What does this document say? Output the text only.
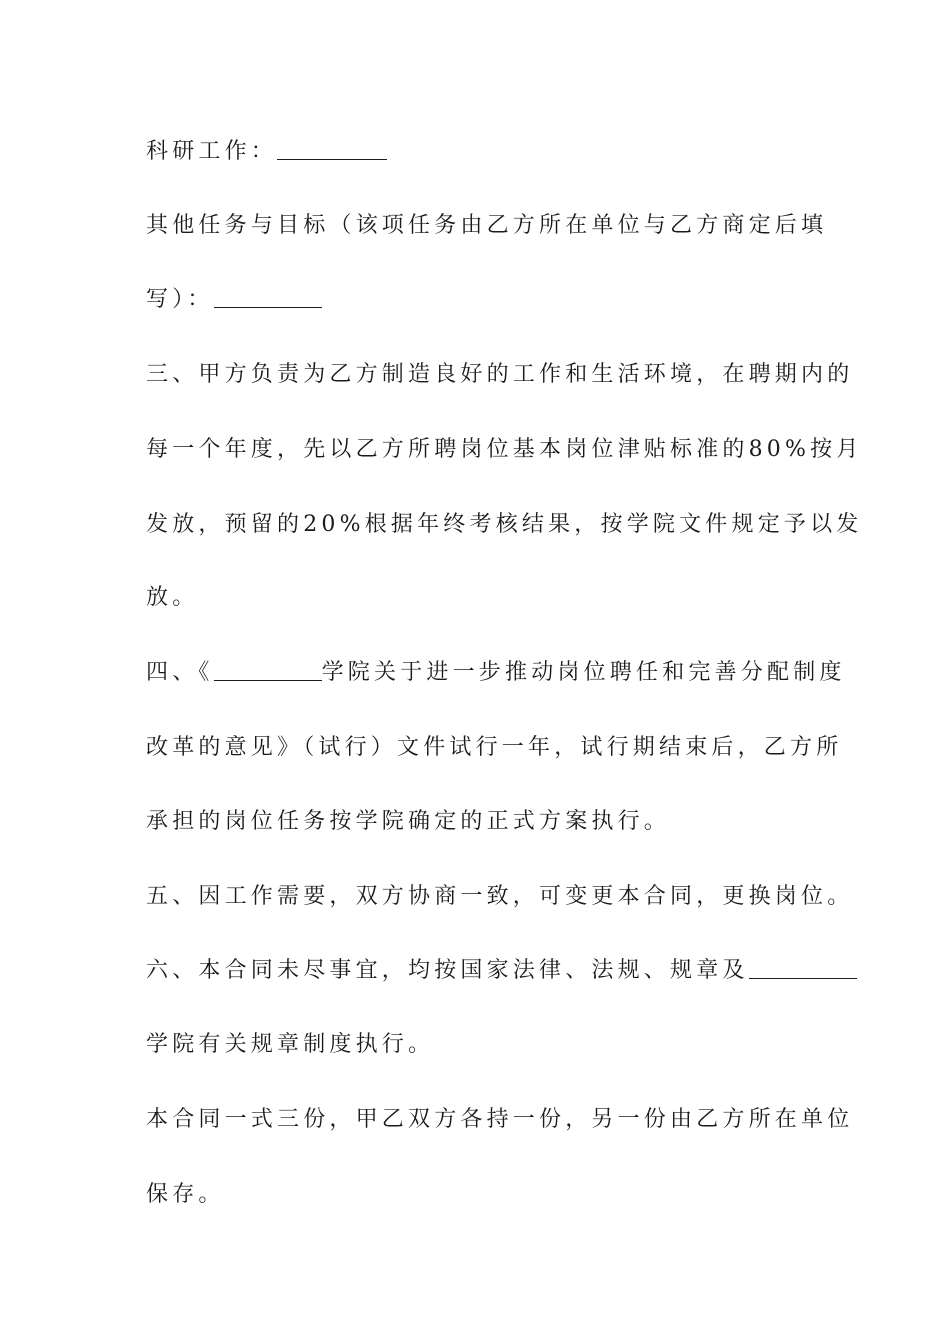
科研工作：
其他任务与目标（该项任务由乙方所在单位与乙方商定后填
写）：
三、甲方负责为乙方制造良好的工作和生活环境，在聘期内的
每一个年度，先以乙方所聘岗位基本岗位津贴标准的80%按月
发放，预留的20%根据年终考核结果，按学院文件规定予以发
放。
四、《	学院关于进一步推动岗位聘任和完善分配制度
改革的意见》（试行）文件试行一年，试行期结束后，乙方所
承担的岗位任务按学院确定的正式方案执行。
五、因工作需要，双方协商一致，可变更本合同，更换岗位。
六、本合同未尽事宜，均按国家法律、法规、规章及
学院有关规章制度执行。
本合同一式三份，甲乙双方各持一份，另一份由乙方所在单位
保存。
